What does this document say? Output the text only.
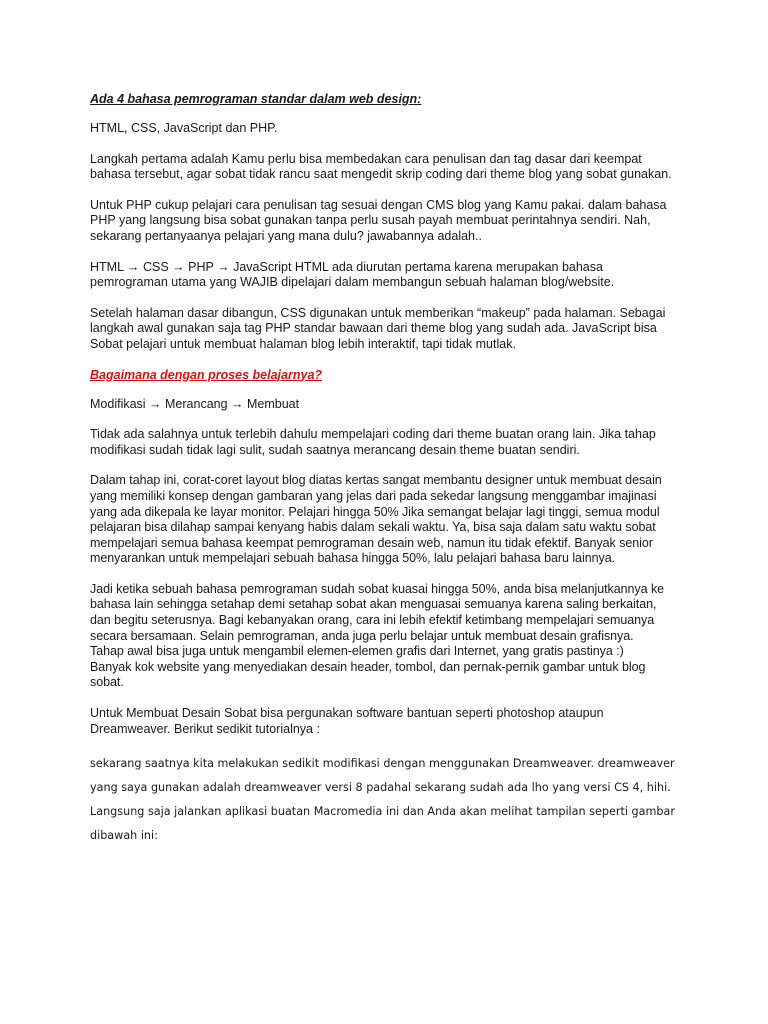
Ada 4 bahasa pemrograman standar dalam web design:
HTML, CSS, JavaScript dan PHP.
Langkah pertama adalah Kamu perlu bisa membedakan cara penulisan dan tag dasar dari keempat
bahasa tersebut, agar sobat tidak rancu saat mengedit skrip coding dari theme blog yang sobat gunakan.
Untuk PHP cukup pelajari cara penulisan tag sesuai dengan CMS blog yang Kamu pakai. dalam bahasa
PHP yang langsung bisa sobat gunakan tanpa perlu susah payah membuat perintahnya sendiri. Nah,
sekarang pertanyaanya pelajari yang mana dulu? jawabannya adalah..
HTML → CSS → PHP → JavaScript HTML ada diurutan pertama karena merupakan bahasa
pemrograman utama yang WAJIB dipelajari dalam membangun sebuah halaman blog/website.
Setelah halaman dasar dibangun, CSS digunakan untuk memberikan “makeup” pada halaman. Sebagai
langkah awal gunakan saja tag PHP standar bawaan dari theme blog yang sudah ada. JavaScript bisa
Sobat pelajari untuk membuat halaman blog lebih interaktif, tapi tidak mutlak.
Bagaimana dengan proses belajarnya?
Modifikasi → Merancang → Membuat
Tidak ada salahnya untuk terlebih dahulu mempelajari coding dari theme buatan orang lain. Jika tahap
modifikasi sudah tidak lagi sulit, sudah saatnya merancang desain theme buatan sendiri.
Dalam tahap ini, corat-coret layout blog diatas kertas sangat membantu designer untuk membuat desain
yang memiliki konsep dengan gambaran yang jelas dari pada sekedar langsung menggambar imajinasi
yang ada dikepala ke layar monitor. Pelajari hingga 50% Jika semangat belajar lagi tinggi, semua modul
pelajaran bisa dilahap sampai kenyang habis dalam sekali waktu. Ya, bisa saja dalam satu waktu sobat
mempelajari semua bahasa keempat pemrograman desain web, namun itu tidak efektif. Banyak senior
menyarankan untuk mempelajari sebuah bahasa hingga 50%, lalu pelajari bahasa baru lainnya.
Jadi ketika sebuah bahasa pemrograman sudah sobat kuasai hingga 50%, anda bisa melanjutkannya ke
bahasa lain sehingga setahap demi setahap sobat akan menguasai semuanya karena saling berkaitan,
dan begitu seterusnya. Bagi kebanyakan orang, cara ini lebih efektif ketimbang mempelajari semuanya
secara bersamaan. Selain pemrograman, anda juga perlu belajar untuk membuat desain grafisnya.
Tahap awal bisa juga untuk mengambil elemen-elemen grafis dari Internet, yang gratis pastinya :)
Banyak kok website yang menyediakan desain header, tombol, dan pernak-pernik gambar untuk blog
sobat.
Untuk Membuat Desain Sobat bisa pergunakan software bantuan seperti photoshop ataupun
Dreamweaver. Berikut sedikit tutorialnya :
sekarang saatnya kita melakukan sedikit modifikasi dengan menggunakan Dreamweaver. dreamweaver
yang saya gunakan adalah dreamweaver versi 8 padahal sekarang sudah ada lho yang versi CS 4, hihi.
Langsung saja jalankan aplikasi buatan Macromedia ini dan Anda akan melihat tampilan seperti gambar
dibawah ini:
